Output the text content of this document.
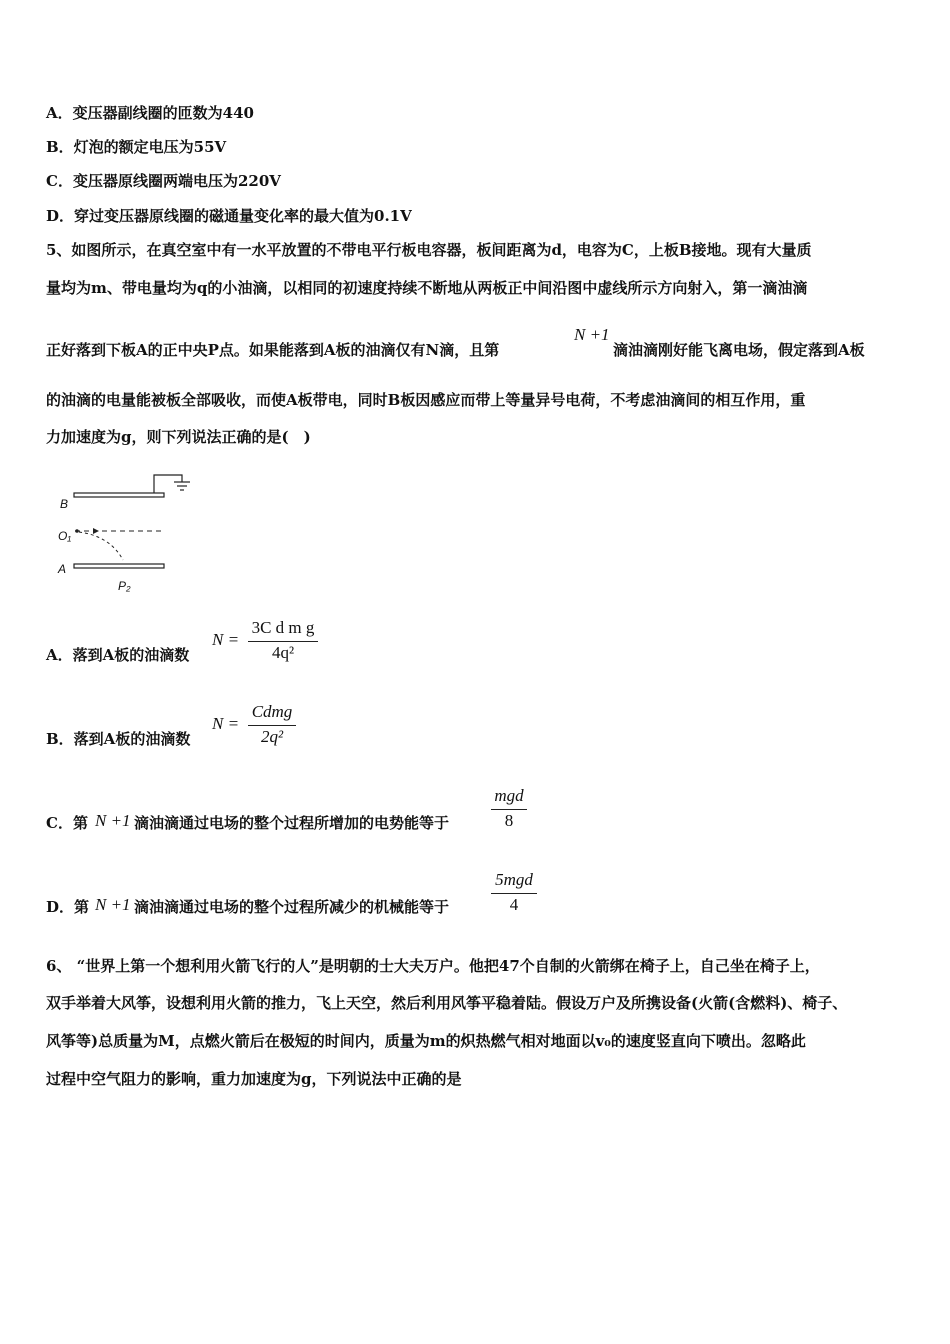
A．变压器副线圈的匝数为440
B．灯泡的额定电压为55V
C．变压器原线圈两端电压为220V
D．穿过变压器原线圈的磁通量变化率的最大值为0.1V
5、如图所示，在真空室中有一水平放置的不带电平行板电容器，板间距离为d，电容为C，上板B接地。现有大量质
量均为m、带电量均为q的小油滴，以相同的初速度持续不断地从两板正中间沿图中虚线所示方向射入，第一滴油滴
正好落到下板A的正中央P点。如果能落到A板的油滴仅有N滴，且第
N +1
滴油滴刚好能飞离电场，假定落到A板
的油滴的电量能被板全部吸收，而使A板带电，同时B板因感应而带上等量异号电荷，不考虑油滴间的相互作用，重
力加速度为g，则下列说法正确的是(　)
B
O₁
A
P₂
A．落到A板的油滴数
N =
3C d m g
4q²
B．落到A板的油滴数
N =
Cdmg
2q²
C．第 N +1 滴油滴通过电场的整个过程所增加的电势能等于
mgd
8
D．第 N +1 滴油滴通过电场的整个过程所减少的机械能等于
5mgd
4
6、 “世界上第一个想利用火箭飞行的人”是明朝的士大夫万户。他把47个自制的火箭绑在椅子上，自己坐在椅子上，
双手举着大风筝，设想利用火箭的推力，飞上天空，然后利用风筝平稳着陆。假设万户及所携设备(火箭(含燃料)、椅子、
风筝等)总质量为M，点燃火箭后在极短的时间内，质量为m的炽热燃气相对地面以v₀的速度竖直向下喷出。忽略此
过程中空气阻力的影响，重力加速度为g，下列说法中正确的是
